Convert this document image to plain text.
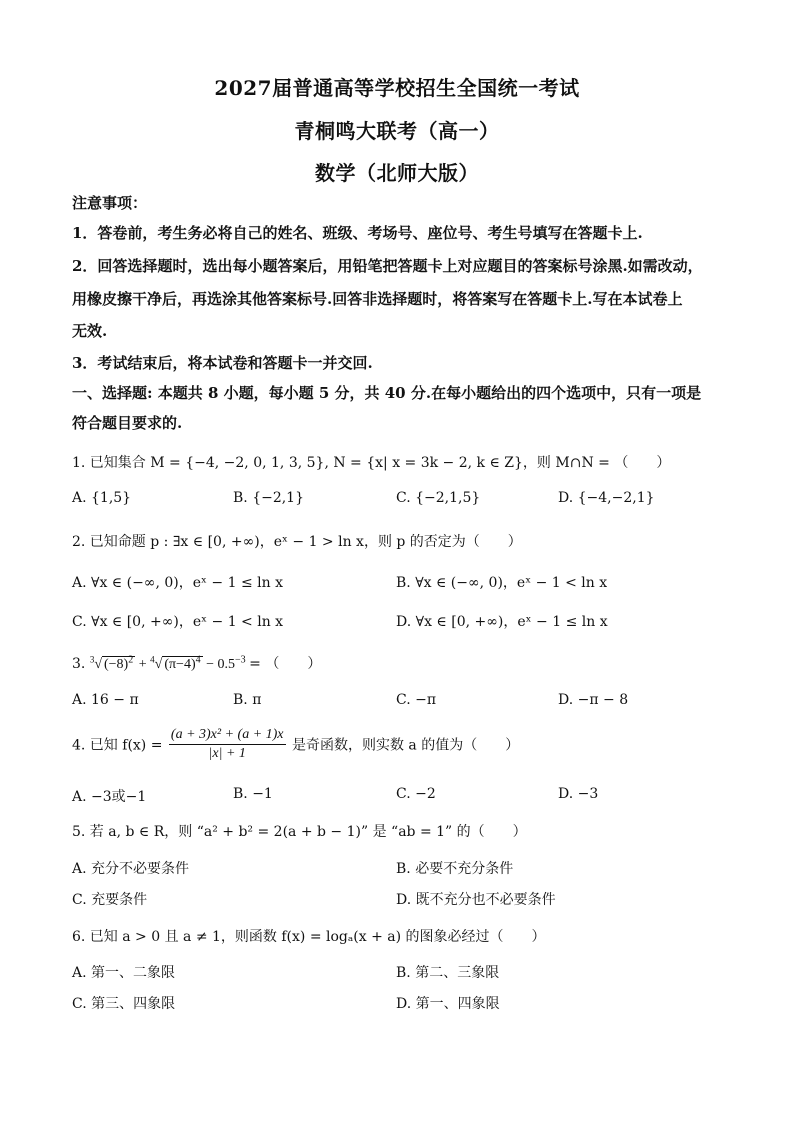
2027届普通高等学校招生全国统一考试
青桐鸣大联考（高一）
数学（北师大版）
注意事项：
1．答卷前，考生务必将自己的姓名、班级、考场号、座位号、考生号填写在答题卡上.
2．回答选择题时，选出每小题答案后，用铅笔把答题卡上对应题目的答案标号涂黑.如需改动，
用橡皮擦干净后，再选涂其他答案标号.回答非选择题时，将答案写在答题卡上.写在本试卷上
无效.
3．考试结束后，将本试卷和答题卡一并交回.
一、选择题: 本题共 8 小题，每小题 5 分，共 40 分.在每小题给出的四个选项中，只有一项是
符合题目要求的.
1. 已知集合 M = {−4, −2, 0, 1, 3, 5}, N = {x| x = 3k − 2, k ∈ Z}，则 M∩N = （　　）
A. {1,5}	B. {−2,1}	C. {−2,1,5}	D. {−4,−2,1}
2. 已知命题 p : ∃x ∈ [0, +∞)，eˣ − 1 > ln x，则 p 的否定为（　　）
A. ∀x ∈ (−∞, 0)，eˣ − 1 ≤ ln x	B. ∀x ∈ (−∞, 0)，eˣ − 1 < ln x
C. ∀x ∈ [0, +∞)，eˣ − 1 < ln x	D. ∀x ∈ [0, +∞)，eˣ − 1 ≤ ln x
3. $^3$√ $(-8)^2 + ^4√$ $(\pi-4)^4 - 0.5^{-3}$ = （　　）
A. 16 − π	B. π	C. −π	D. −π − 8
4. 已知 $f(x) = \frac{\text{(a + 3)x² + (a + 1)x}}{|x| + 1}$ 是奇函数，则实数 a 的值为（　　）
A. −3或−1	B. −1	C. −2	D. −3
5. 若 a, b ∈ R，则 “a² + b² = 2(a + b − 1)” 是 “ab = 1” 的（　　）
A. 充分不必要条件	B. 必要不充分条件
C. 充要条件	D. 既不充分也不必要条件
6. 已知 a > 0 且 a ≠ 1，则函数 f(x) = logₐ(x + a) 的图象必经过（　　）
A. 第一、二象限	B. 第二、三象限
C. 第三、四象限	D. 第一、四象限
